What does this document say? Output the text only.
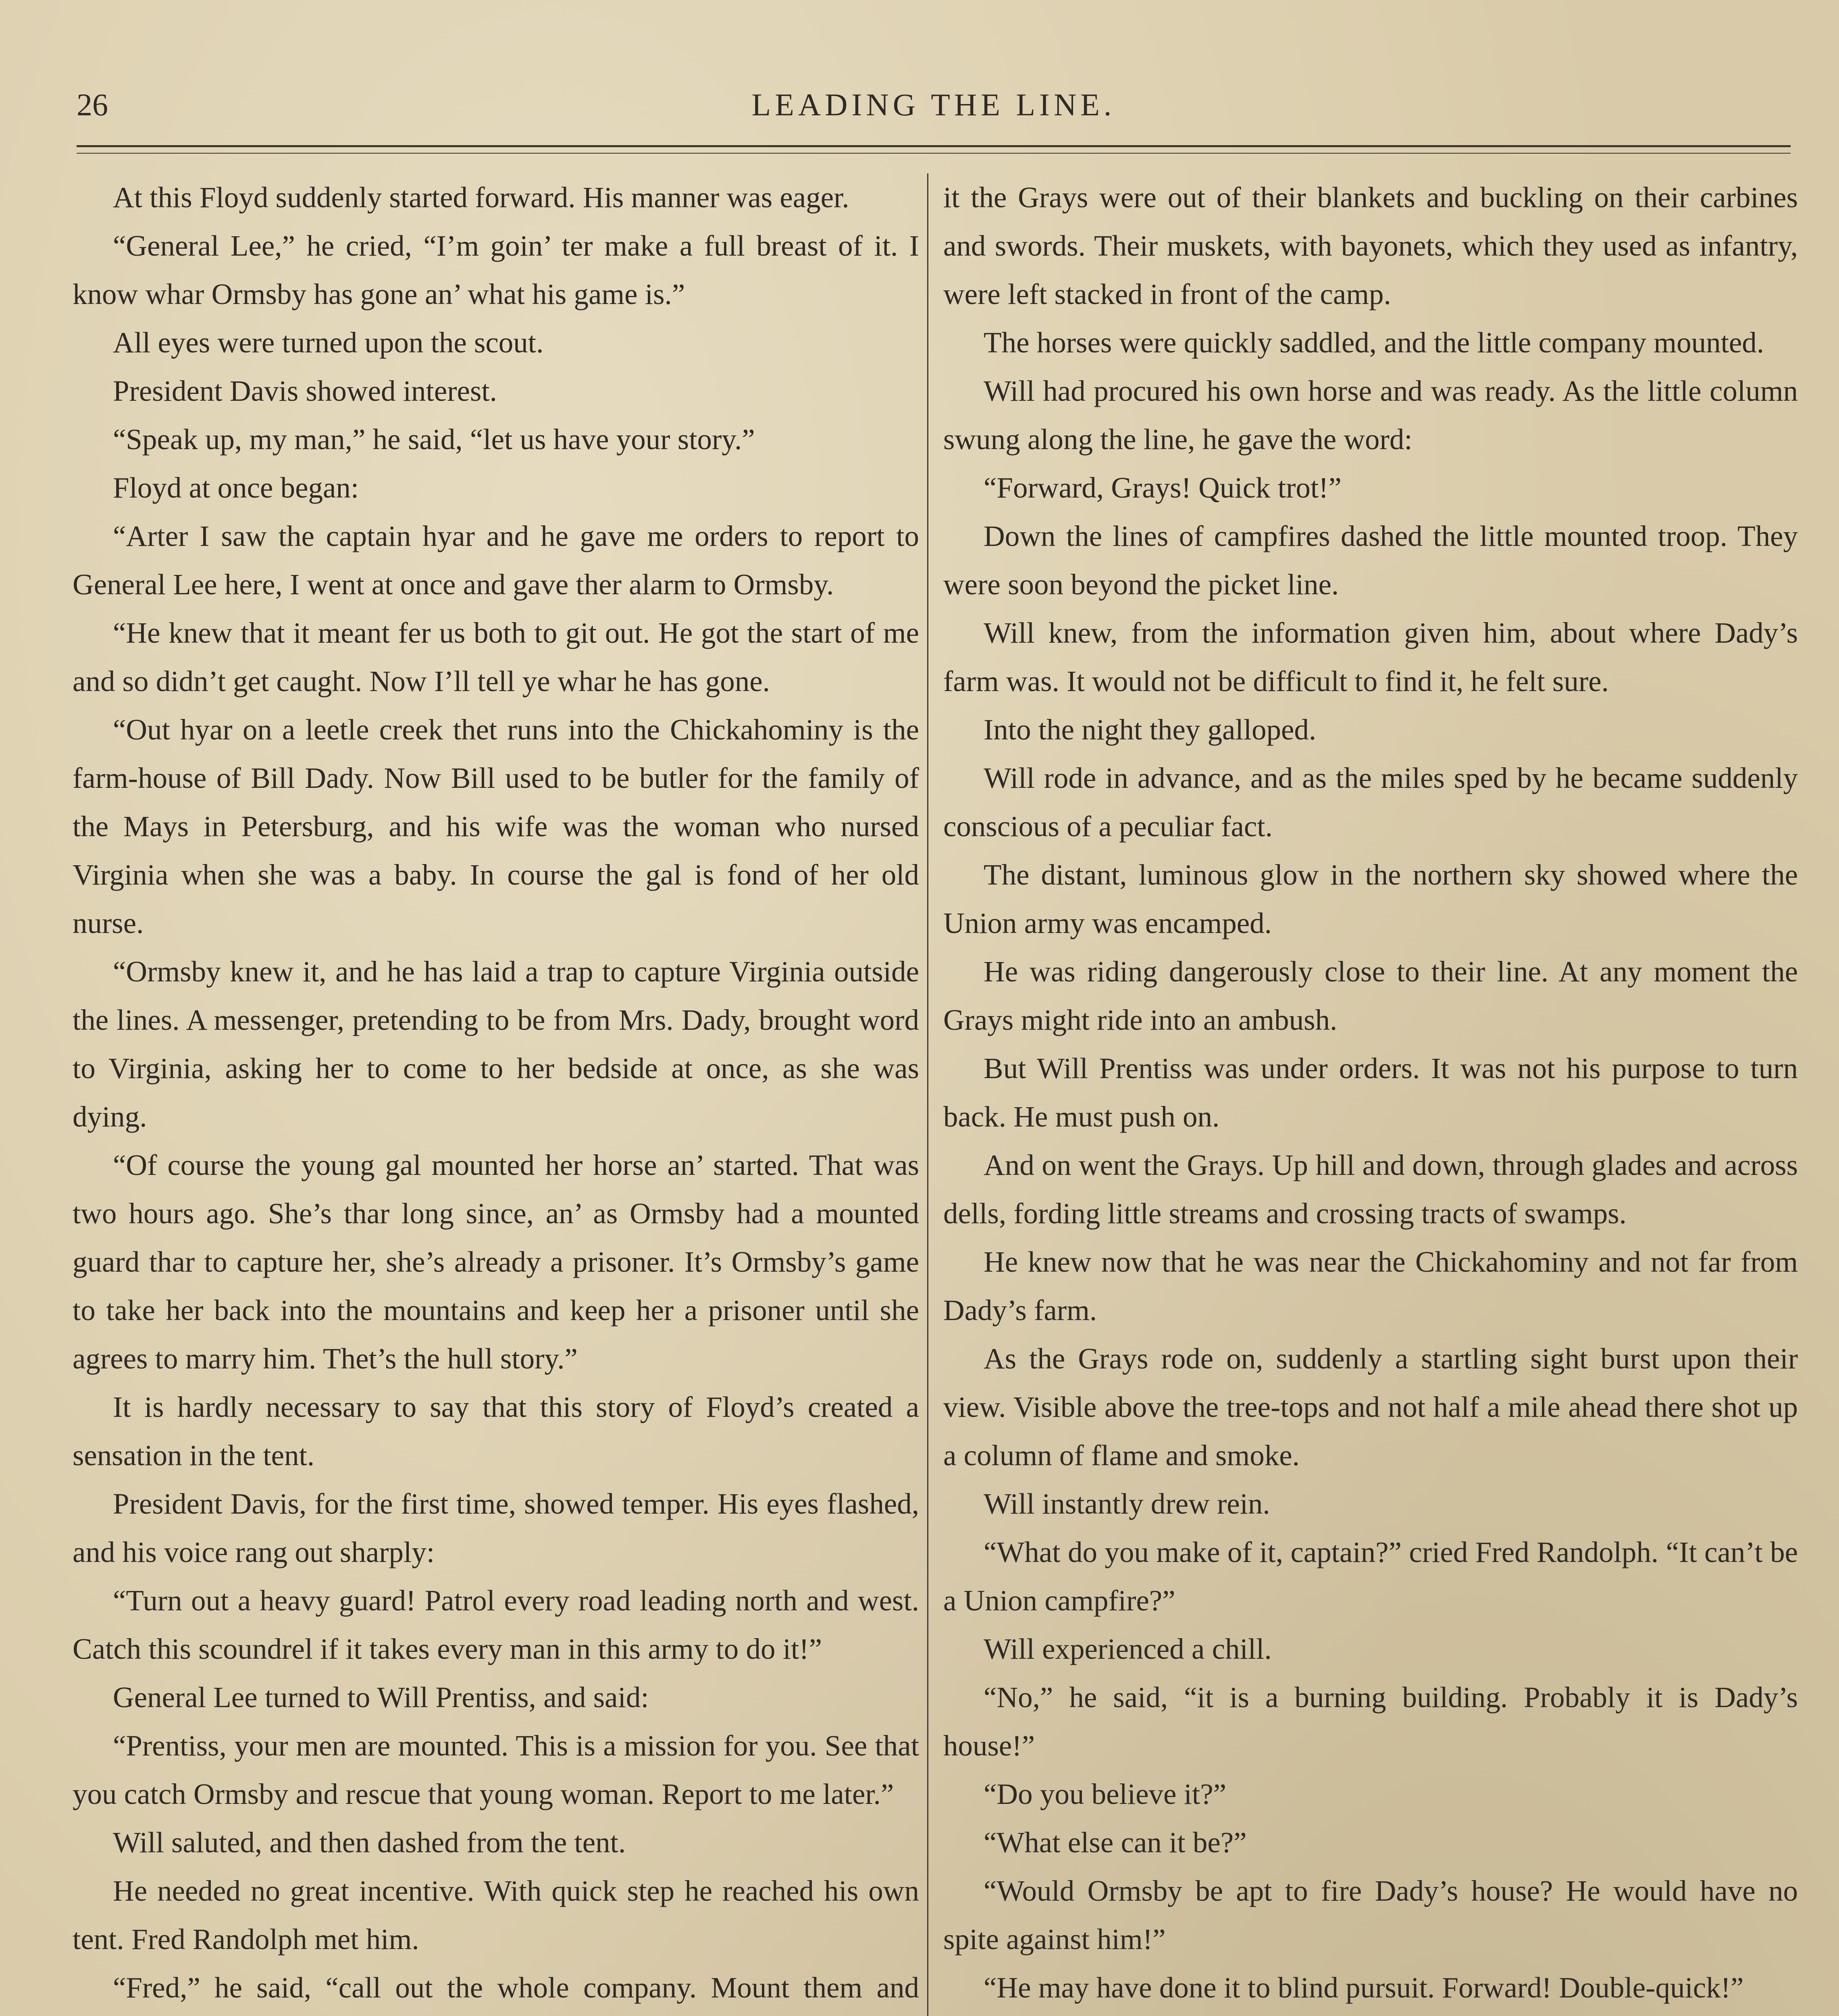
26	LEADING THE LINE.

At this Floyd suddenly started forward. His manner was eager.

“General Lee,” he cried, “I’m goin’ ter make a full breast of it. I know whar Ormsby has gone an’ what his game is.”

All eyes were turned upon the scout.

President Davis showed interest.

“Speak up, my man,” he said, “let us have your story.”

Floyd at once began:

“Arter I saw the captain hyar and he gave me orders to report to General Lee here, I went at once and gave ther alarm to Ormsby.

“He knew that it meant fer us both to git out. He got the start of me and so didn’t get caught. Now I’ll tell ye whar he has gone.

“Out hyar on a leetle creek thet runs into the Chickahominy is the farm-house of Bill Dady. Now Bill used to be butler for the family of the Mays in Petersburg, and his wife was the woman who nursed Virginia when she was a baby. In course the gal is fond of her old nurse.

“Ormsby knew it, and he has laid a trap to capture Virginia outside the lines. A messenger, pretending to be from Mrs. Dady, brought word to Virginia, asking her to come to her bedside at once, as she was dying.

“Of course the young gal mounted her horse an’ started. That was two hours ago. She’s thar long since, an’ as Ormsby had a mounted guard thar to capture her, she’s already a prisoner. It’s Ormsby’s game to take her back into the mountains and keep her a prisoner until she agrees to marry him. Thet’s the hull story.”

It is hardly necessary to say that this story of Floyd’s created a sensation in the tent.

President Davis, for the first time, showed temper. His eyes flashed, and his voice rang out sharply:

“Turn out a heavy guard! Patrol every road leading north and west. Catch this scoundrel if it takes every man in this army to do it!”

General Lee turned to Will Prentiss, and said:

“Prentiss, your men are mounted. This is a mission for you. See that you catch Ormsby and rescue that young woman. Report to me later.”

Will saluted, and then dashed from the tent.

He needed no great incentive. With quick step he reached his own tent. Fred Randolph met him.

“Fred,” he said, “call out the whole company. Mount them and

it the Grays were out of their blankets and buckling on their carbines and swords. Their muskets, with bayonets, which they used as infantry, were left stacked in front of the camp.

The horses were quickly saddled, and the little company mounted.

Will had procured his own horse and was ready. As the little column swung along the line, he gave the word:

“Forward, Grays! Quick trot!”

Down the lines of campfires dashed the little mounted troop. They were soon beyond the picket line.

Will knew, from the information given him, about where Dady’s farm was. It would not be difficult to find it, he felt sure.

Into the night they galloped.

Will rode in advance, and as the miles sped by he became suddenly conscious of a peculiar fact.

The distant, luminous glow in the northern sky showed where the Union army was encamped.

He was riding dangerously close to their line. At any moment the Grays might ride into an ambush.

But Will Prentiss was under orders. It was not his purpose to turn back. He must push on.

And on went the Grays. Up hill and down, through glades and across dells, fording little streams and crossing tracts of swamps.

He knew now that he was near the Chickahominy and not far from Dady’s farm.

As the Grays rode on, suddenly a startling sight burst upon their view. Visible above the tree-tops and not half a mile ahead there shot up a column of flame and smoke.

Will instantly drew rein.

“What do you make of it, captain?” cried Fred Randolph. “It can’t be a Union campfire?”

Will experienced a chill.

“No,” he said, “it is a burning building. Probably it is Dady’s house!”

“Do you believe it?”

“What else can it be?”

“Would Ormsby be apt to fire Dady’s house? He would have no spite against him!”

“He may have done it to blind pursuit. Forward! Double-quick!”
